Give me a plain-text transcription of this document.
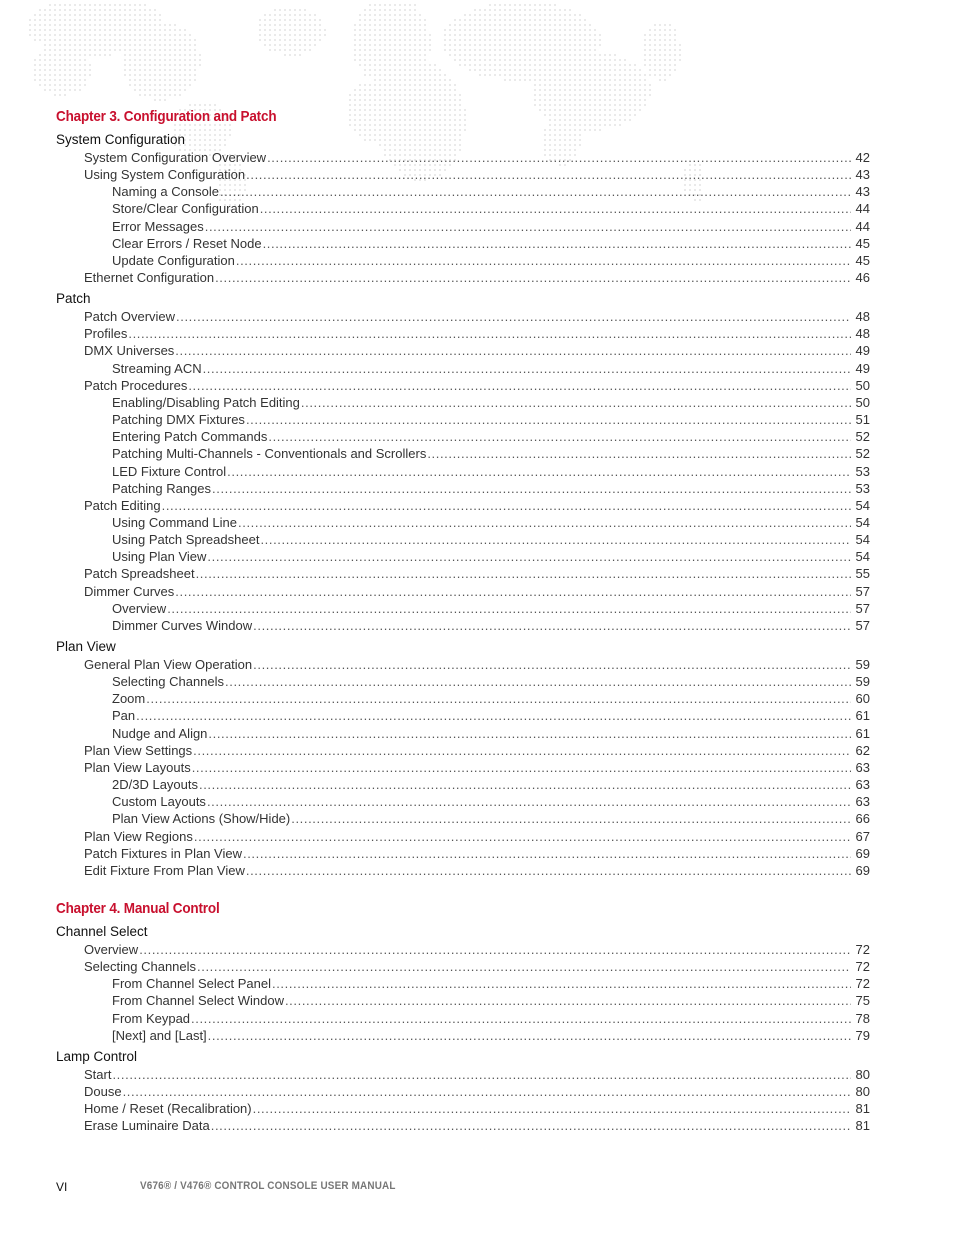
Chapter 3. Configuration and Patch
System Configuration
System Configuration Overview .....	42
Using System Configuration .....	43
Naming a Console .....	43
Store/Clear Configuration .....	44
Error Messages .....	44
Clear Errors / Reset Node .....	45
Update Configuration .....	45
Ethernet Configuration .....	46
Patch
Patch Overview .....	48
Profiles .....	48
DMX Universes .....	49
Streaming ACN .....	49
Patch Procedures .....	50
Enabling/Disabling Patch Editing .....	50
Patching DMX Fixtures .....	51
Entering Patch Commands .....	52
Patching Multi-Channels - Conventionals and Scrollers .....	52
LED Fixture Control .....	53
Patching Ranges .....	53
Patch Editing .....	54
Using Command Line .....	54
Using Patch Spreadsheet .....	54
Using Plan View .....	54
Patch Spreadsheet .....	55
Dimmer Curves .....	57
Overview .....	57
Dimmer Curves Window .....	57
Plan View
General Plan View Operation .....	59
Selecting Channels .....	59
Zoom .....	60
Pan .....	61
Nudge and Align .....	61
Plan View Settings .....	62
Plan View Layouts .....	63
2D/3D Layouts .....	63
Custom Layouts .....	63
Plan View Actions (Show/Hide) .....	66
Plan View Regions .....	67
Patch Fixtures in Plan View .....	69
Edit Fixture From Plan View .....	69
Chapter 4. Manual Control
Channel Select
Overview .....	72
Selecting Channels .....	72
From Channel Select Panel .....	72
From Channel Select Window .....	75
From Keypad .....	78
[Next] and [Last] .....	79
Lamp Control
Start .....	80
Douse .....	80
Home / Reset (Recalibration) .....	81
Erase Luminaire Data .....	81
VI	V676® / V476® CONTROL CONSOLE USER MANUAL
